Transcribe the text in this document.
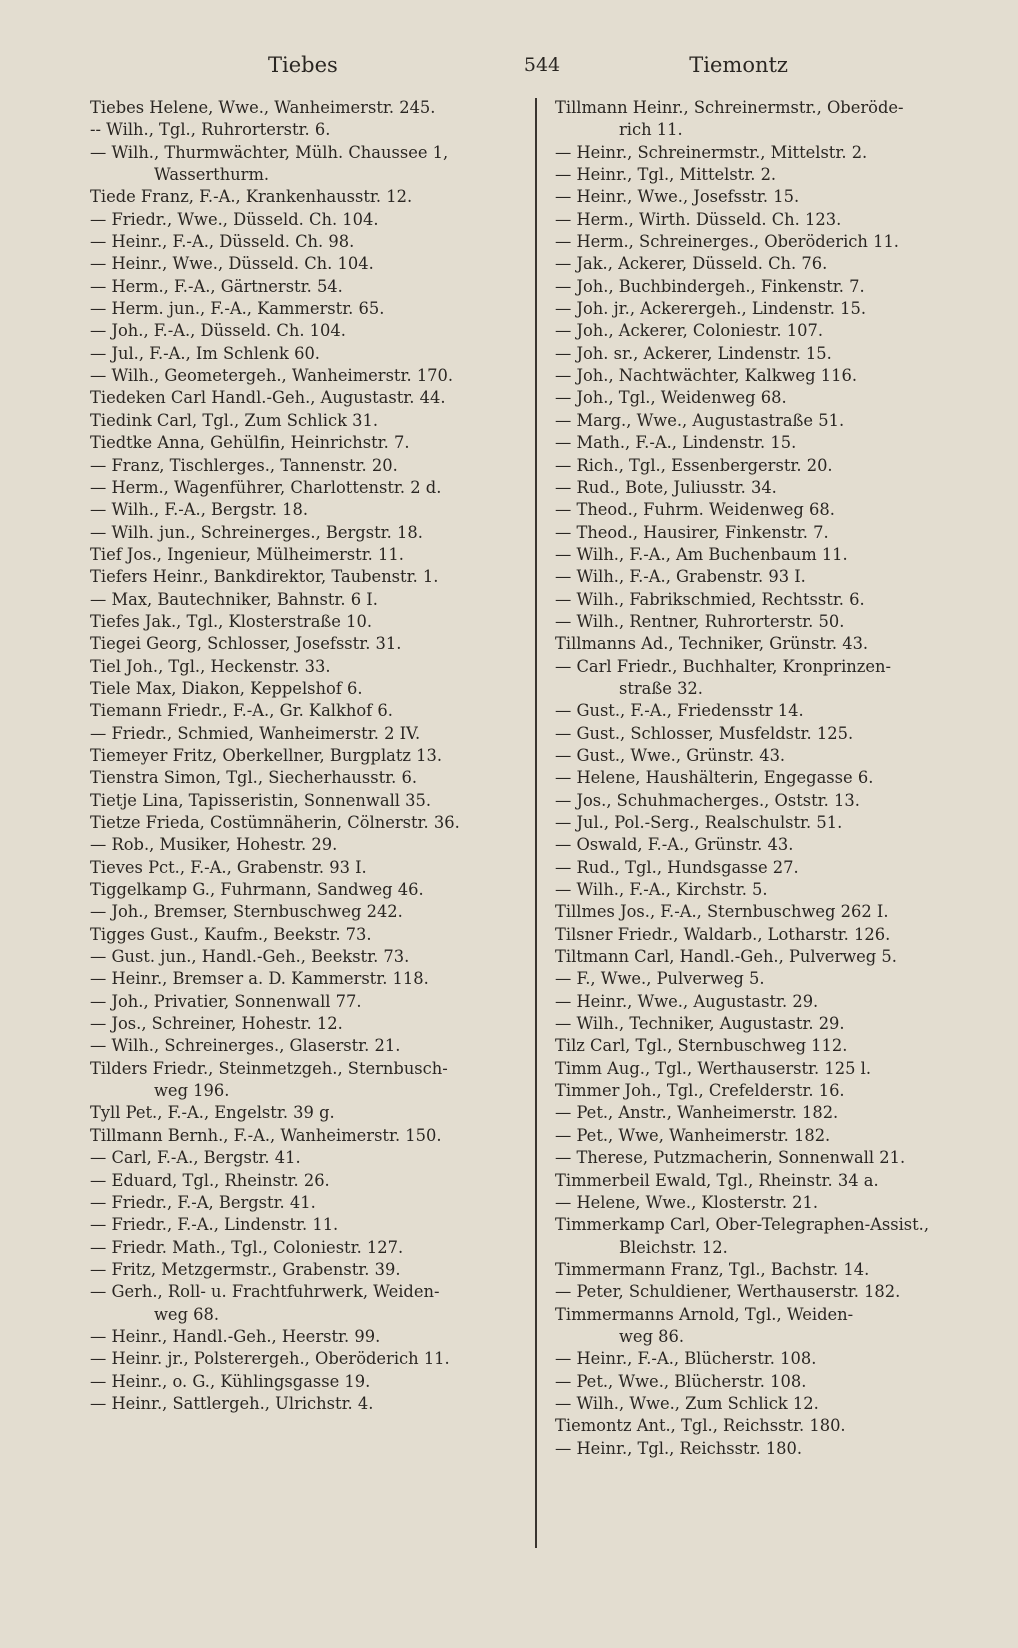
Tiebes	544	Tiemontz
Tiebes Helene, Wwe., Wanheimerstr. 245.
-- Wilh., Tgl., Ruhrorterstr. 6.
— Wilh., Thurmwächter, Mülh. Chaussee 1,
Wasserthurm.
Tiede Franz, F.-A., Krankenhausstr. 12.
— Friedr., Wwe., Düsseld. Ch. 104.
— Heinr., F.-A., Düsseld. Ch. 98.
— Heinr., Wwe., Düsseld. Ch. 104.
— Herm., F.-A., Gärtnerstr. 54.
— Herm. jun., F.-A., Kammerstr. 65.
— Joh., F.-A., Düsseld. Ch. 104.
— Jul., F.-A., Im Schlenk 60.
— Wilh., Geometergeh., Wanheimerstr. 170.
Tiedeken Carl Handl.-Geh., Augustastr. 44.
Tiedink Carl, Tgl., Zum Schlick 31.
Tiedtke Anna, Gehülfin, Heinrichstr. 7.
— Franz, Tischlerges., Tannenstr. 20.
— Herm., Wagenführer, Charlottenstr. 2 d.
— Wilh., F.-A., Bergstr. 18.
— Wilh. jun., Schreinerges., Bergstr. 18.
Tief Jos., Ingenieur, Mülheimerstr. 11.
Tiefers Heinr., Bankdirektor, Taubenstr. 1.
— Max, Bautechniker, Bahnstr. 6 I.
Tiefes Jak., Tgl., Klosterstraße 10.
Tiegei Georg, Schlosser, Josefsstr. 31.
Tiel Joh., Tgl., Heckenstr. 33.
Tiele Max, Diakon, Keppelshof 6.
Tiemann Friedr., F.-A., Gr. Kalkhof 6.
— Friedr., Schmied, Wanheimerstr. 2 IV.
Tiemeyer Fritz, Oberkellner, Burgplatz 13.
Tienstra Simon, Tgl., Siecherhausstr. 6.
Tietje Lina, Tapisseristin, Sonnenwall 35.
Tietze Frieda, Costümnäherin, Cölnerstr. 36.
— Rob., Musiker, Hohestr. 29.
Tieves Pct., F.-A., Grabenstr. 93 I.
Tiggelkamp G., Fuhrmann, Sandweg 46.
— Joh., Bremser, Sternbuschweg 242.
Tigges Gust., Kaufm., Beekstr. 73.
— Gust. jun., Handl.-Geh., Beekstr. 73.
— Heinr., Bremser a. D. Kammerstr. 118.
— Joh., Privatier, Sonnenwall 77.
— Jos., Schreiner, Hohestr. 12.
— Wilh., Schreinerges., Glaserstr. 21.
Tilders Friedr., Steinmetzgeh., Sternbusch-
weg 196.
Tyll Pet., F.-A., Engelstr. 39 g.
Tillmann Bernh., F.-A., Wanheimerstr. 150.
— Carl, F.-A., Bergstr. 41.
— Eduard, Tgl., Rheinstr. 26.
— Friedr., F.-A, Bergstr. 41.
— Friedr., F.-A., Lindenstr. 11.
— Friedr. Math., Tgl., Coloniestr. 127.
— Fritz, Metzgermstr., Grabenstr. 39.
— Gerh., Roll- u. Frachtfuhrwerk, Weiden-
weg 68.
— Heinr., Handl.-Geh., Heerstr. 99.
— Heinr. jr., Polsterergeh., Oberöderich 11.
— Heinr., o. G., Kühlingsgasse 19.
— Heinr., Sattlergeh., Ulrichstr. 4.
Tillmann Heinr., Schreinermstr., Oberöde-
rich 11.
— Heinr., Schreinermstr., Mittelstr. 2.
— Heinr., Tgl., Mittelstr. 2.
— Heinr., Wwe., Josefsstr. 15.
— Herm., Wirth. Düsseld. Ch. 123.
— Herm., Schreinerges., Oberöderich 11.
— Jak., Ackerer, Düsseld. Ch. 76.
— Joh., Buchbindergeh., Finkenstr. 7.
— Joh. jr., Ackerergeh., Lindenstr. 15.
— Joh., Ackerer, Coloniestr. 107.
— Joh. sr., Ackerer, Lindenstr. 15.
— Joh., Nachtwächter, Kalkweg 116.
— Joh., Tgl., Weidenweg 68.
— Marg., Wwe., Augustastraße 51.
— Math., F.-A., Lindenstr. 15.
— Rich., Tgl., Essenbergerstr. 20.
— Rud., Bote, Juliusstr. 34.
— Theod., Fuhrm. Weidenweg 68.
— Theod., Hausirer, Finkenstr. 7.
— Wilh., F.-A., Am Buchenbaum 11.
— Wilh., F.-A., Grabenstr. 93 I.
— Wilh., Fabrikschmied, Rechtsstr. 6.
— Wilh., Rentner, Ruhrorterstr. 50.
Tillmanns Ad., Techniker, Grünstr. 43.
— Carl Friedr., Buchhalter, Kronprinzen-
straße 32.
— Gust., F.-A., Friedensstr 14.
— Gust., Schlosser, Musfeldstr. 125.
— Gust., Wwe., Grünstr. 43.
— Helene, Haushälterin, Engegasse 6.
— Jos., Schuhmacherges., Oststr. 13.
— Jul., Pol.-Serg., Realschulstr. 51.
— Oswald, F.-A., Grünstr. 43.
— Rud., Tgl., Hundsgasse 27.
— Wilh., F.-A., Kirchstr. 5.
Tillmes Jos., F.-A., Sternbuschweg 262 I.
Tilsner Friedr., Waldarb., Lotharstr. 126.
Tiltmann Carl, Handl.-Geh., Pulverweg 5.
— F., Wwe., Pulverweg 5.
— Heinr., Wwe., Augustastr. 29.
— Wilh., Techniker, Augustastr. 29.
Tilz Carl, Tgl., Sternbuschweg 112.
Timm Aug., Tgl., Werthauserstr. 125 l.
Timmer Joh., Tgl., Crefelderstr. 16.
— Pet., Anstr., Wanheimerstr. 182.
— Pet., Wwe, Wanheimerstr. 182.
— Therese, Putzmacherin, Sonnenwall 21.
Timmerbeil Ewald, Tgl., Rheinstr. 34 a.
— Helene, Wwe., Klosterstr. 21.
Timmerkamp Carl, Ober-Telegraphen-Assist.,
Bleichstr. 12.
Timmermann Franz, Tgl., Bachstr. 14.
— Peter, Schuldiener, Werthauserstr. 182.
Timmermanns Arnold, Tgl., Weiden-
weg 86.
— Heinr., F.-A., Blücherstr. 108.
— Pet., Wwe., Blücherstr. 108.
— Wilh., Wwe., Zum Schlick 12.
Tiemontz Ant., Tgl., Reichsstr. 180.
— Heinr., Tgl., Reichsstr. 180.
